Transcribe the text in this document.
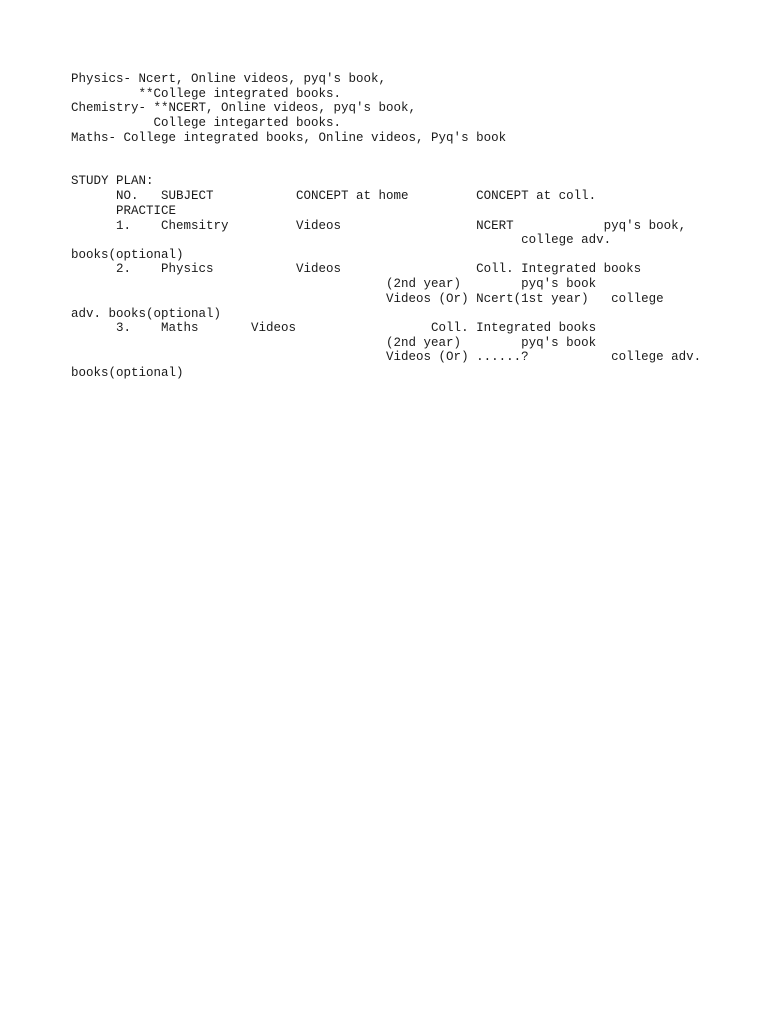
Physics- Ncert, Online videos, pyq's book,
**College integrated books.
Chemistry- **NCERT, Online videos, pyq's book,
College integarted books.
Maths- College integrated books, Online videos, Pyq's book
STUDY PLAN:
NO.   SUBJECT           CONCEPT at home         CONCEPT at coll.
PRACTICE
1.    Chemsitry         Videos                  NCERT            pyq's book,
college adv.
books(optional)
2.    Physics           Videos                  Coll. Integrated books
(2nd year)        pyq's book
Videos (Or) Ncert(1st year)   college
adv. books(optional)
3.    Maths       Videos                  Coll. Integrated books
(2nd year)        pyq's book
Videos (Or) ......?           college adv.
books(optional)
